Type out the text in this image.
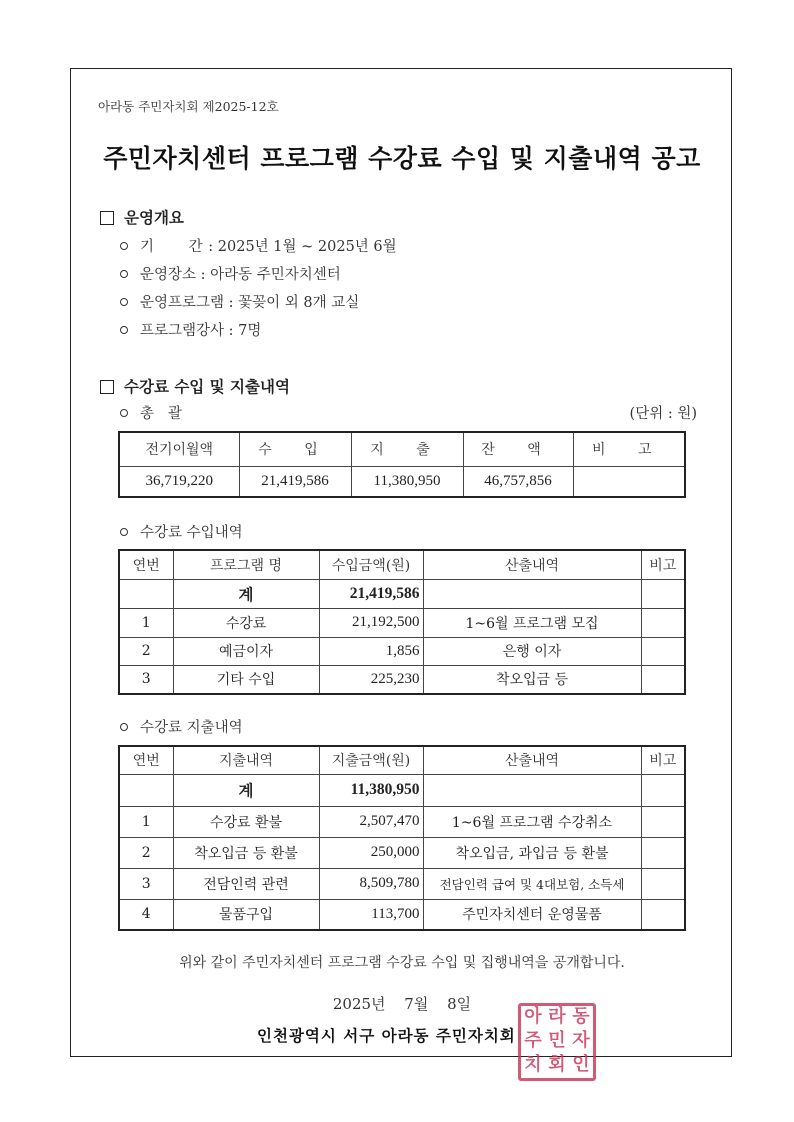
아라동 주민자치회 제2025-12호
주민자치센터 프로그램 수강료 수입 및 지출내역 공고
운영개요
기      간 : 2025년 1월 ~ 2025년 6월
운영장소 : 아라동 주민자치센터
운영프로그램 : 꽃꽂이 외 8개 교실
프로그램강사 : 7명
수강료 수입 및 지출내역
총   괄	(단위 : 원)
전기이월액	수 입	지 출	잔 액	비 고
36,719,220	21,419,586	11,380,950	46,757,856	
수강료 수입내역
연번	프로그램 명	수입금액(원)	산출내역	비고
	계	21,419,586		
1	수강료	21,192,500	1~6월 프로그램 모집	
2	예금이자	1,856	은행 이자	
3	기타 수입	225,230	착오입금 등	
수강료 지출내역
연번	지출내역	지출금액(원)	산출내역	비고
	계	11,380,950		
1	수강료 환불	2,507,470	1~6월 프로그램 수강취소	
2	착오입금 등 환불	250,000	착오입금, 과입금 등 환불	
3	전담인력 관련	8,509,780	전담인력 급여 및 4대보험, 소득세	
4	물품구입	113,700	주민자치센터 운영물품	
위와 같이 주민자치센터 프로그램 수강료 수입 및 집행내역을 공개합니다.
2025년 7월 8일
아 라 동
주 민 자
치 회 인
인천광역시 서구 아라동 주민자치회
